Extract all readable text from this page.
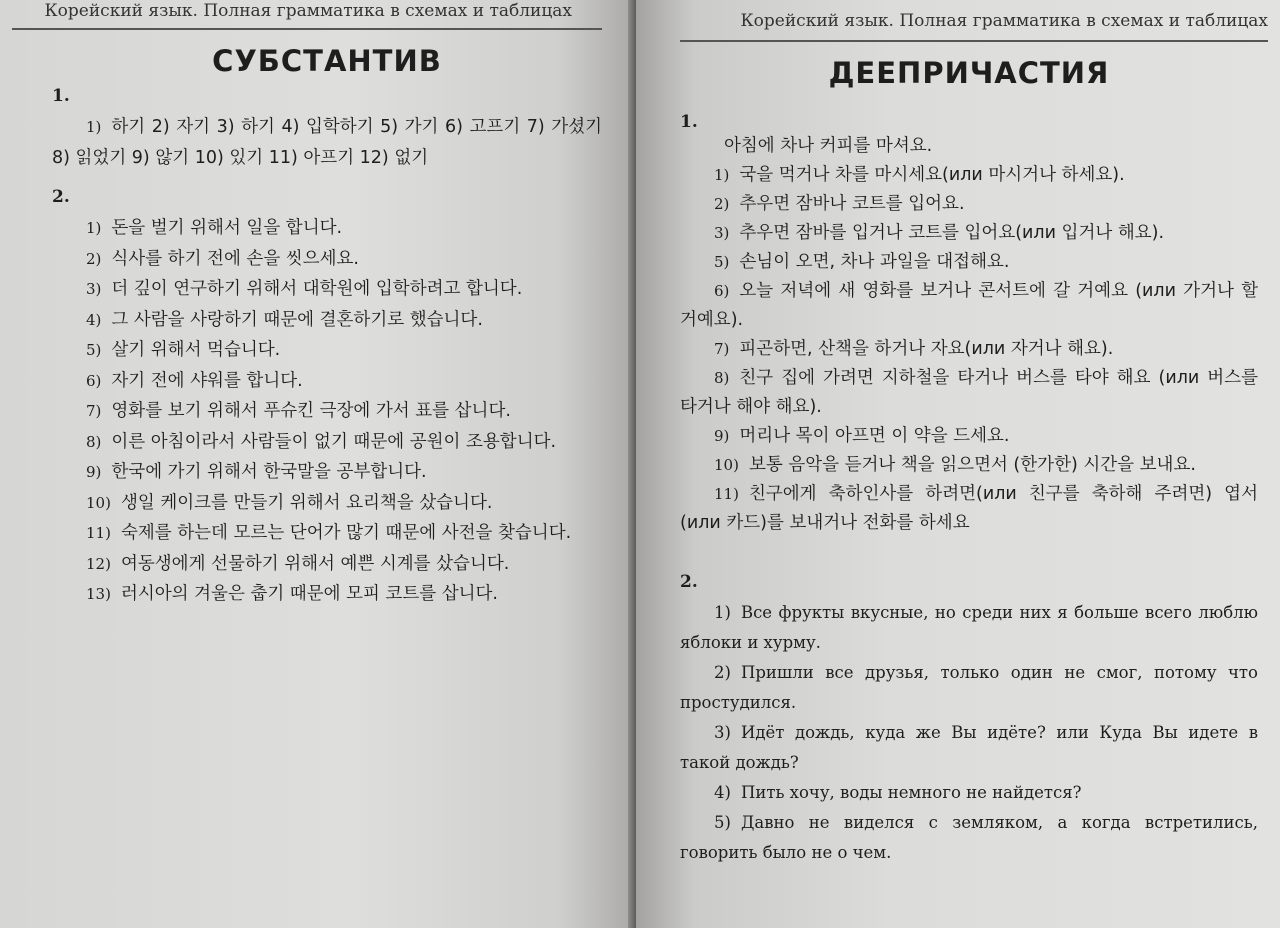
Корейский язык. Полная грамматика в схемах и таблицах
СУБСТАНТИВ
1.

1) 하기 2) 자기 3) 하기 4) 입학하기 5) 가기 6) 고프기 7) 가셨기 8) 읽었기 9) 않기 10) 있기 11) 아프기 12) 없기

2.

1) 돈을 벌기 위해서 일을 합니다.

2) 식사를 하기 전에 손을 씻으세요.

3) 더 깊이 연구하기 위해서 대학원에 입학하려고 합니다.

4) 그 사람을 사랑하기 때문에 결혼하기로 했습니다.

5) 살기 위해서 먹습니다.

6) 자기 전에 샤워를 합니다.

7) 영화를 보기 위해서 푸슈킨 극장에 가서 표를 삽니다.

8) 이른 아침이라서 사람들이 없기 때문에 공원이 조용합니다.

9) 한국에 가기 위해서 한국말을 공부합니다.

10) 생일 케이크를 만들기 위해서 요리책을 샀습니다.

11) 숙제를 하는데 모르는 단어가 많기 때문에 사전을 찾습니다.

12) 여동생에게 선물하기 위해서 예쁜 시계를 샀습니다.

13) 러시아의 겨울은 춥기 때문에 모피 코트를 삽니다.

Корейский язык. Полная грамматика в схемах и таблицах
ДЕЕПРИЧАСТИЯ
1.

아침에 차나 커피를 마셔요.

1) 국을 먹거나 차를 마시세요(или 마시거나 하세요).

2) 추우면 잠바나 코트를 입어요.

3) 추우면 잠바를 입거나 코트를 입어요(или 입거나 해요).

5) 손님이 오면, 차나 과일을 대접해요.

6) 오늘 저녁에 새 영화를 보거나 콘서트에 갈 거예요 (или 가거나 할 거예요).

7) 피곤하면, 산책을 하거나 자요(или 자거나 해요).

8) 친구 집에 가려면 지하철을 타거나 버스를 타야 해요 (или 버스를 타거나 해야 해요).

9) 머리나 목이 아프면 이 약을 드세요.

10) 보통 음악을 듣거나 책을 읽으면서 (한가한) 시간을 보내요.

11) 친구에게 축하인사를 하려면(или 친구를 축하해 주려면) 엽서(или 카드)를 보내거나 전화를 하세요

2.

1) Все фрукты вкусные, но среди них я больше всего люблю яблоки и хурму.

2) Пришли все друзья, только один не смог, потому что простудился.

3) Идёт дождь, куда же Вы идёте? или Куда Вы идете в такой дождь?

4) Пить хочу, воды немного не найдется?

5) Давно не виделся с земляком, а когда встретились, говорить было не о чем.
